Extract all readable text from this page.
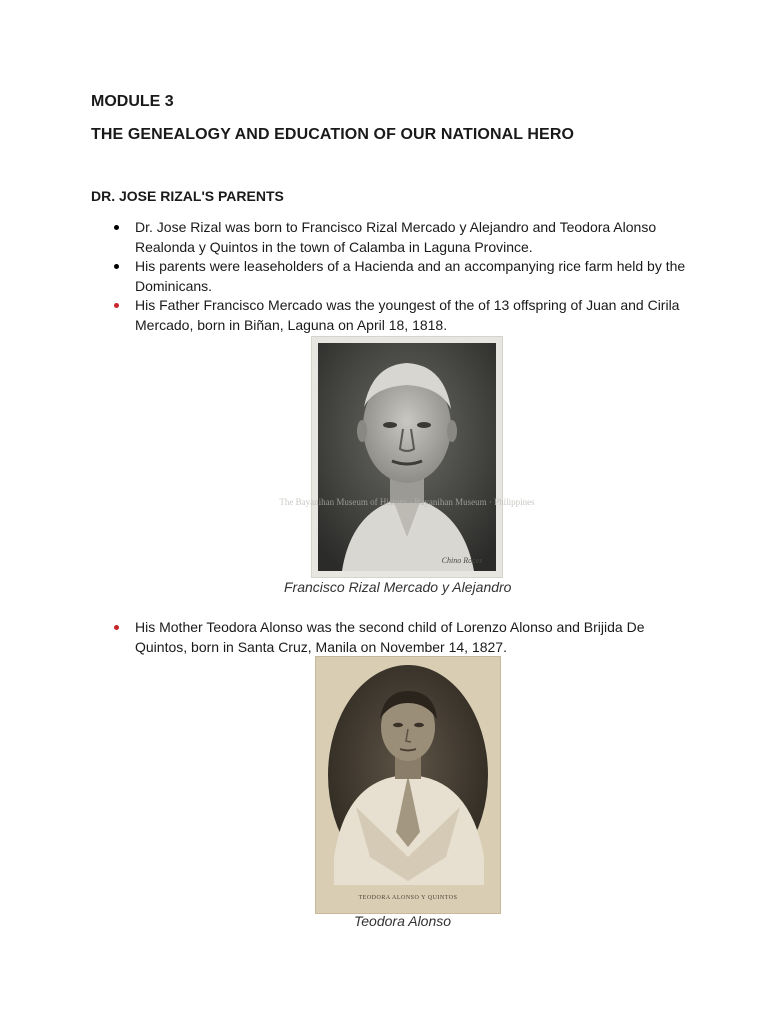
MODULE 3
THE GENEALOGY AND EDUCATION OF OUR NATIONAL HERO
DR. JOSE RIZAL'S PARENTS
Dr. Jose Rizal was born to Francisco Rizal Mercado y Alejandro and Teodora Alonso Realonda y Quintos in the town of Calamba in Laguna Province.
His parents were leaseholders of a Hacienda and an accompanying rice farm held by the Dominicans.
His Father Francisco Mercado was the youngest of the of 13 offspring of Juan and Cirila Mercado, born in Biñan, Laguna on April 18, 1818.
The Bayanihan Museum of History · Bayanihan Museum · Philippines
Chino Roces

Francisco Rizal Mercado y Alejandro

His Mother Teodora Alonso was the second child of Lorenzo Alonso and Brijida De Quintos, born in Santa Cruz, Manila on November 14, 1827.
TEODORA ALONSO Y QUINTOS

Teodora Alonso
